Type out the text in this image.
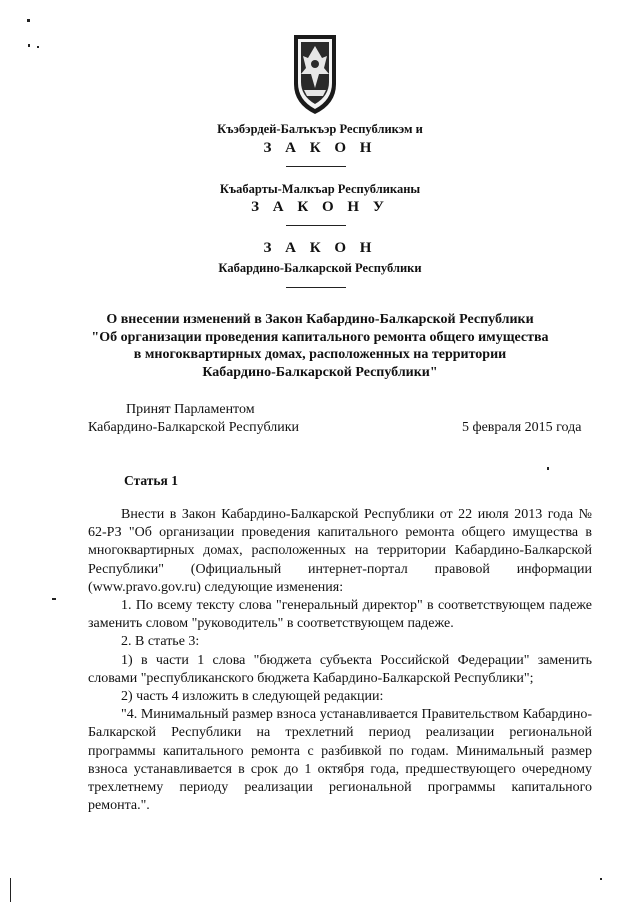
Къэбэрдей-Балъкъэр Республикэм и
З А К О Н
Къабарты-Малкъар Республиканы
З А К О Н У
З А К О Н
Кабардино-Балкарской Республики
О внесении изменений в Закон Кабардино-Балкарской Республики
"Об организации проведения капитального ремонта общего имущества
в многоквартирных домах, расположенных на территории
Кабардино-Балкарской Республики"
Принят Парламентом
Кабардино-Балкарской Республики	5 февраля 2015 года
Статья 1

Внести в Закон Кабардино-Балкарской Республики от 22 июля 2013 года № 62-РЗ "Об организации проведения капитального ремонта общего имущества в многоквартирных домах, расположенных на территории Кабардино-Балкарской Республики" (Официальный интернет-портал правовой информации (www.pravo.gov.ru) следующие изменения:

1. По всему тексту слова "генеральный директор" в соответствующем падеже заменить словом "руководитель" в соответствующем падеже.

2. В статье 3:

1) в части 1 слова "бюджета субъекта Российской Федерации" заменить словами "республиканского бюджета Кабардино-Балкарской Республики";

2) часть 4 изложить в следующей редакции:

"4. Минимальный размер взноса устанавливается Правительством Кабардино-Балкарской Республики на трехлетний период реализации региональной программы капитального ремонта с разбивкой по годам. Минимальный размер взноса устанавливается в срок до 1 октября года, предшествующего очередному трехлетнему периоду реализации региональной программы капитального ремонта.".
